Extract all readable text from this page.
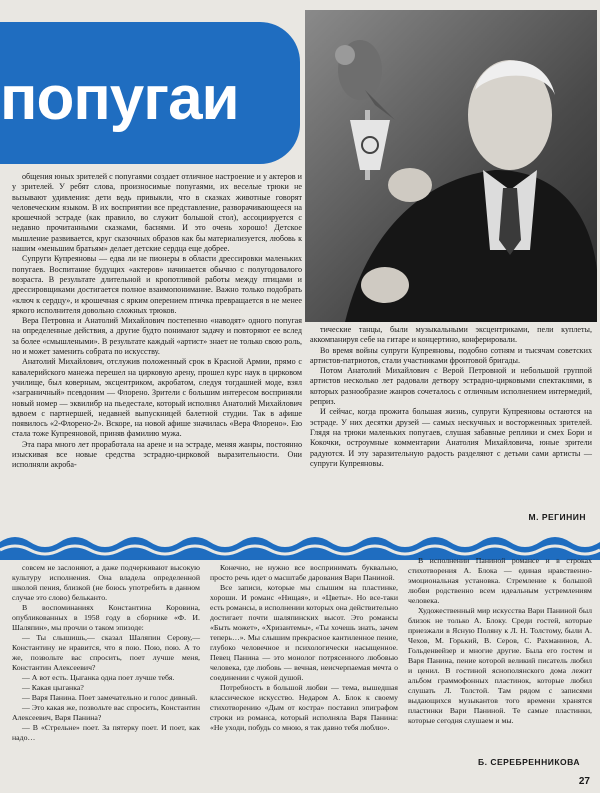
попугаи

общения юных зрителей с попугаями создает отличное настроение и у актеров и у зрителей. У ребят слова, произносимые попугаями, их веселые трюки не вызывают удивления: дети ведь привыкли, что в сказках животные говорят человеческим языком. В их восприятии все представление, разворачивающееся на крошечной эстраде (как правило, во служит большой стол), ассоциируется с недавно прочитанными сказками, баснями. И это очень хорошо! Детское мышление развивается, круг сказочных образов как бы материализуется, любовь к нашим «меньшим братьям» делает детские сердца еще добрее.

Супруги Купреяновы — едва ли не пионеры в области дрессировки маленьких попугаев. Воспитание будущих «актеров» начинается обычно с полугодовалого возраста. В результате длительной и кропотливой работы между птицами и дрессировщиками достигается полное взаимопонимание. Важно только подобрать «ключ к сердцу», и крошечная с ярким оперением птичка превращается в не менее яркого исполнителя довольно сложных трюков.

Вера Петровна и Анатолий Михайлович постепенно «наводят» одного попугая на определенные действия, а другие будто понимают задачу и повторяют ее вслед за более «смышлеными». В результате каждый «артист» знает не только свою роль, но и может заменить собрата по искусству.

Анатолий Михайлович, отслужив положенный срок в Красной Армии, прямо с кавалерийского манежа перешел на цирковую арену, прошел курс наук в цирковом училище, был коверным, эксцентриком, акробатом, следуя тогдашней моде, взял «заграничный» псевдоним — Флорено. Зрители с большим интересом восприняли новый номер — эквилибр на пьедестале, который исполнял Анатолий Михайлович вдвоем с партнершей, недавней выпускницей балетной студии. Так в афише появилось «2-Флорено-2». Вскоре, на новой афише значилась «Вера Флорено». Ею стала тоже Купреяновой, приняв фамилию мужа.

Эта пара много лет проработала на арене и на эстраде, меняя жанры, постоянно изыскивая все новые средства эстрадно-цирковой выразительности. Они исполняли акроба-

тические танцы, были музыкальными эксцентриками, пели куплеты, аккомпанируя себе на гитаре и концертино, конферировали.

Во время войны супруги Купреяновы, подобно сотням и тысячам советских артистов-патриотов, стали участниками фронтовой бригады.

Потом Анатолий Михайлович с Верой Петровной и небольшой группой артистов несколько лет радовали детвору эстрадно-цирковыми спектаклями, в которых разнообразие жанров сочеталось с отличным исполнением интермедий, реприз.

И сейчас, когда прожита большая жизнь, супруги Купреяновы остаются на эстраде. У них десятки друзей — самых нескучных и восторженных зрителей. Глядя на трюки маленьких попугаев, слушая забавные реплики и смех Бори и Кокочки, остроумные комментарии Анатолия Михайловича, юные зрители радуются. И эту заразительную радость разделяют с детьми сами артисты — супруги Купреяновы.

М. РЕГИНИН

совсем не заслоняют, а даже подчеркивают высокую культуру исполнения. Она владела определенной школой пения, близкой (не боюсь употребить в данном случае это слово) бельканто.

В воспоминаниях Константина Коровина, опубликованных в 1958 году в сборнике «Ф. И. Шаляпин», мы прочли о таком эпизоде:

— Ты слышишь,— сказал Шаляпин Серову,— Константину не нравится, что я пою. Пою, пою. А то же, позвольте вас спросить, поет лучше меня, Константин Алексеевич?

— А вот есть. Цыганка одна поет лучше тебя.

— Какая цыганка?

— Варя Панина. Поет замечательно и голос дивный.

— Это какая же, позвольте вас спросить, Константин Алексеевич, Варя Панина?

— В «Стрельне» поет. За пятерку поет. И поет, как надо…

Конечно, не нужно все воспринимать буквально, просто речь идет о масштабе дарования Вари Паниной.

Все записи, которые мы слышим на пластинке, хороши. И романс «Нищая», и «Цветы». Но все-таки есть романсы, в исполнении которых она действительно достигает почти шаляпинских высот. Это романсы «Быть может», «Хризантемы», «Ты хочешь знать, зачем теперь…». Мы слышим прекрасное кантиленное пение, глубоко человечное и психологически насыщенное. Певец Панина — это монолог потрясенного любовью человека, где любовь — вечная, неисчерпаемая мечта о соединении с чужой душой.

Потребность в большой любви — тема, вышедшая классическое искусство. Недаром А. Блок к своему стихотворению «Дым от костра» поставил эпиграфом строки из романса, который исполняла Варя Панина: «Не уходи, побудь со мною, я так давно тебя люблю».

В исполнении Паниной романсе и в строках стихотворения А. Блока — единая нравственно-эмоциональная установка. Стремление к большой любви родственно всем идеальным устремлениям человека.

Художественный мир искусства Вари Паниной был близок не только А. Блоку. Среди гостей, которые приезжали в Ясную Поляну к Л. Н. Толстому, были А. Чехов, М. Горький, В. Серов, С. Рахманинов, А. Гольденвейзер и многие другие. Была его гостем и Варя Панина, пение которой великий писатель любил и ценил. В гостиной яснополянского дома лежит альбом граммофонных пластинок, которые любил слушать Л. Толстой. Там рядом с записями выдающихся музыкантов того времени хранятся пластинки Вари Паниной. Те самые пластинки, которые сегодня слушаем и мы.

Б. СЕРЕБРЕННИКОВА
27
